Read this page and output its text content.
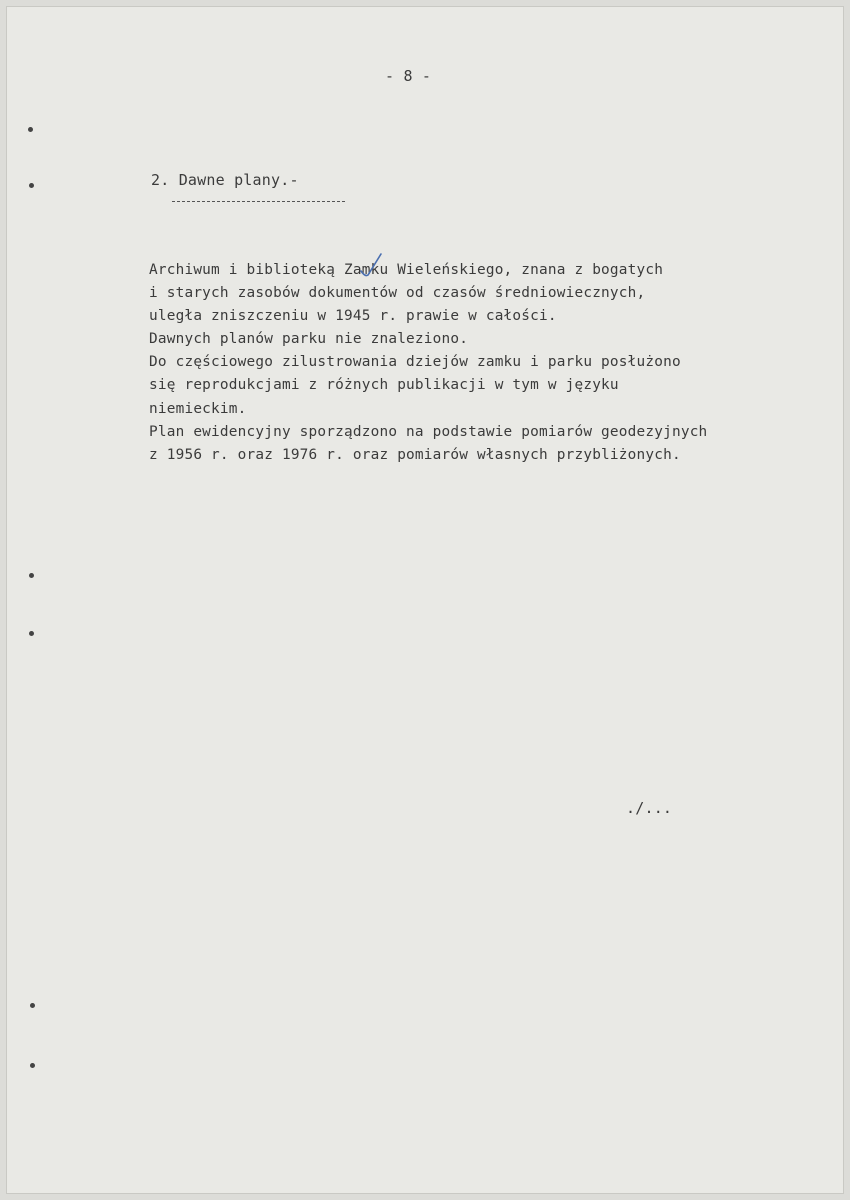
- 8 -
2. Dawne plany.-
Archiwum i biblioteką Zamku Wieleńskiego, znana z bogatych
i starych zasobów dokumentów od czasów średniowiecznych,
uległa zniszczeniu w 1945 r. prawie w całości.
Dawnych planów parku nie znaleziono.
Do częściowego zilustrowania dziejów zamku i parku posłużono
się reprodukcjami z różnych publikacji w tym w języku
niemieckim.
Plan ewidencyjny sporządzono na podstawie pomiarów geodezyjnych
z 1956 r. oraz 1976 r. oraz pomiarów własnych przybliżonych.
./...
